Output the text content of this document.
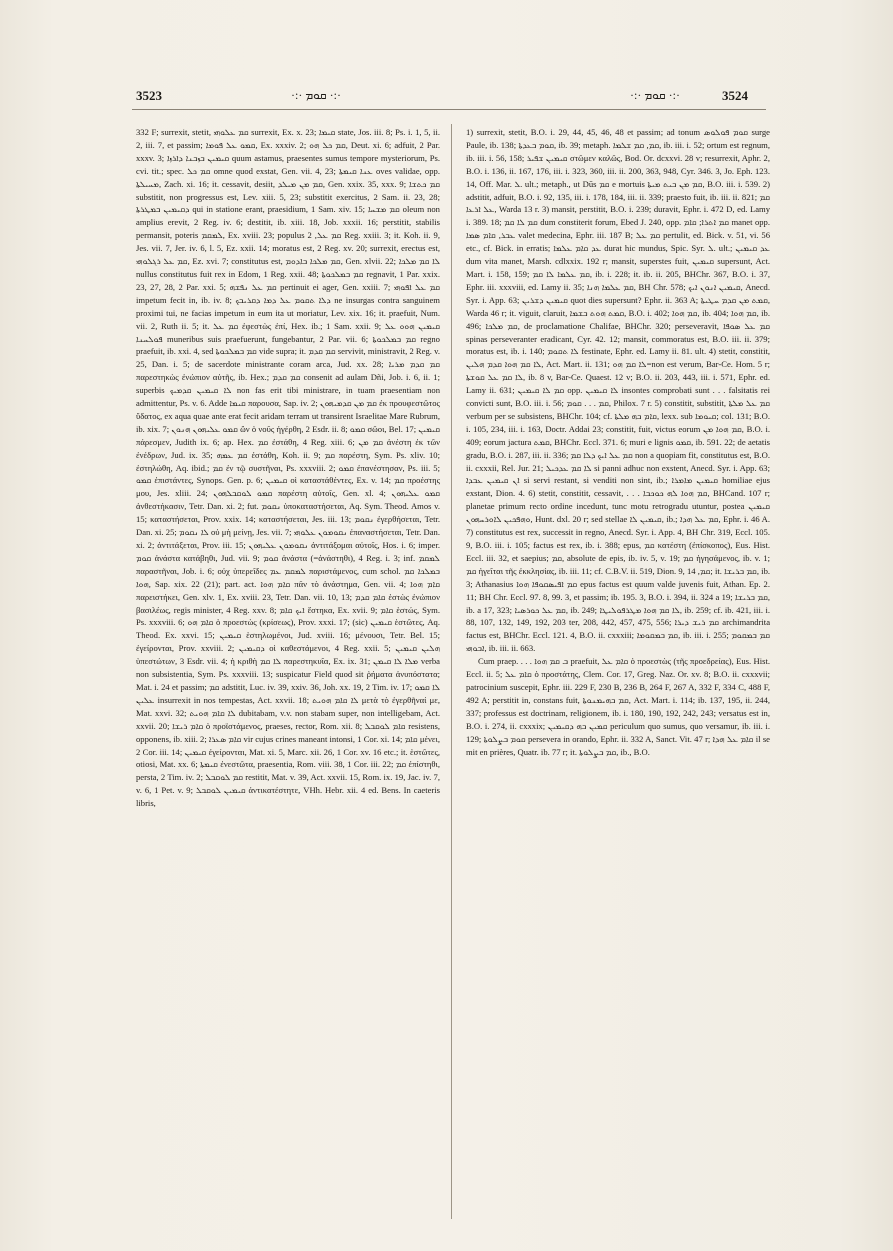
3523	·:· ܩܘܡ ·:·	·:· ܩܘܡ ·:·	3524

332 F; surrexit, stetit, ܩܡ ܥܠܘܗܝ surrexit, Ex. x. 23; ܩܝܡܐ state, Jos. iii. 8; Ps. i. 1, 5, ii. 2, iii. 7, et passim; ܩܡܘ ܥܠ ܦܘܡܐ, Ex. xxxiv. 2; ܩܡ ܟܠ ܗܘ, Deut. xi. 6; adfuit, 2 Par. xxxv. 3; ܩܝܡܝܢ ܒܙܒܢܐ ܕܐܪܙܐ quum astamus, praesentes sumus tempore mysteriorum, Ps. cvi. tit.; spec. ܩܡ ܟܠ omne quod exstat, Gen. vii. 4, 23; ܥܢܐ ܩܝܡܬܐ oves validae, opp. ܡܚܝܠܬܐ, Zach. xi. 16; it. cessavit, desiit, ܩܡ ܡܢ ܡܝܠܕ, Gen. xxix. 35, xxx. 9; ܩܡ ܟܬܫܐ substitit, non progressus est, Lev. xiii. 5, 23; substitit exercitus, 2 Sam. ii. 23, 28; ܕܩܝܡܝܢ ܒܡܛܪܬܐ qui in statione erant, praesidium, 1 Sam. xiv. 15; ܩܡ ܡܫܚܐ oleum non amplius erevit, 2 Reg. iv. 6; destitit, ib. xiii. 18, Job. xxxii. 16; perstitit, stabilis permansit, poteris ܠܡܩܡ, Ex. xviii. 23; populus ܩܡ ܥܠ, 2 Reg. xxiii. 3; it. Koh. ii. 9, Jes. vii. 7, Jer. iv. 6, l. 5, Ez. xxii. 14; moratus est, 2 Reg. xv. 20; surrexit, erectus est, ܩܡ ܥܠ ܪܓܠܘܗܝ, Ez. xvi. 7; constitutus est, ܩܡ ܡܠܟܐ ܒܐܕܘܡ, Gen. xlvii. 22; ܠܐ ܩܡ ܡܠܟܐ nullus constitutus fuit rex in Edom, 1 Reg. xxii. 48; ܩܡ ܒܡܠܟܘܬܐ regnavit, 1 Par. xxix. 23, 27, 28, 2 Par. xxi. 5; ܩܡ ܥܠ ܢܦܫܗ pertinuit ei ager, Gen. xxiii. 7; ܩܡ ܥܠ ܐܦܘܗܝ impetum fecit in, ib. iv. 8; ܕܠܐ ܬܩܘܡ ܥܠ ܕܡܐ ܕܩܪܝܒܟ ne insurgas contra sanguinem proximi tui, ne facias impetum in eum ita ut moriatur, Lev. xix. 16; it. praefuit, Num. vii. 2, Ruth ii. 5; it. ܩܡ ܥܠ ἐφεστὼς ἐπί, Hex. ib.; 1 Sam. xxii. 9; ܩܝܡܝܢ ܗܘܘ ܥܠ ܦܘܠܚܢܐ muneribus suis praefuerunt, fungebantur, 2 Par. vii. 6; ܩܡ ܒܡܠܟܘܬܐ regno praefuit, ib. xxi. 4, sed ܩܡ ܒܡܠܟܘܬܐ vide supra; it. ܩܡ ܩܕܡ servivit, ministravit, 2 Reg. v. 25, Dan. i. 5; de sacerdote ministrante coram arca, Jud. xx. 28; ܩܡ ܩܕܡ ܡܪܝܐ παρεστηκὼς ἐνώπιον αὐτῆς, ib. Hex.; ܩܡ ܩܕܡ consenit ad aulam Dñi, Job. i. 6, ii. 1; superbis ܠܐ ܩܝܡܝܢ ܩܕܡܝܟ non fas erit tibi ministrare, in tuam praesentiam non admittentur, Ps. v. 6. Adde ܩܝܡܐ παρουσα, Sap. iv. 2; ܩܡ ܡܢ ܩܕܡܝܗܘܢ ἐκ προυφεστῶτος ὕδατος, ex aqua quae ante erat fecit aridam terram ut transirent Israelitae Mare Rubrum, ib. xix. 7; ܩܡܘ ܥܠܝܗܘܢ ܗܢܘܢ ὢν ὁ νοῦς ἠγέρθη, 2 Esdr. ii. 8; ܩܡܘ σῶοι, Bel. 17; ܩܝܡܝܢ πάρεσμεν, Judith ix. 6; ap. Hex. ܩܡ ἐστάθη, 4 Reg. xiii. 6; ܩܡ ܡܢ ἀνέστη ἐκ τῶν ἐνέδρων, Jud. ix. 35; ܩܡ ܥܡܗ ἐστάθη, Koh. ii. 9; ܩܡ παρέστη, Sym. Ps. xliv. 10; ἐστηλώθη, Aq. ibid.; ܩܡ ἐν τῷ συστῆναι, Ps. xxxviii. 2; ܩܡܘ ἐπανέστησαν, Ps. iii. 5; ܩܡܘ ἐπιστάντες, Synops. Gen. p. 6; ܩܝܡܝܢ οἱ καταστάθέντες, Ex. v. 14; ܩܡ προέστης μου, Jes. xliii. 24; ܩܡܘ ܠܘܩܒܠܗܘܢ παρέστη αὐτοῖς, Gen. xl. 4; ܩܡܘ ܥܠܝܗܘܢ ἀνθεστήκασιν, Tetr. Dan. xi. 2; fut. ܢܩܘܡ ὑποκαταστήσεται, Aq. Sym. Theod. Amos v. 15; καταστήσεται, Prov. xxix. 14; καταστήσεται, Jes. iii. 13; ܢܩܘܡ ἐγερθήσεται, Tetr. Dan. xi. 25; ܠܐ ܢܩܘܡ οὐ μὴ μείνῃ, Jes. vii. 7; ܢܩܘܡܘܢ ܥܠܘܗܝ ἐπαναστήσεται, Tetr. Dan. xi. 2; ἀντιτάξεται, Prov. iii. 15; ܢܩܘܡܘܢ ܥܠܝܗܘܢ ἀντιτάξομαι αὐτοῖς, Hos. i. 6; imper. ܩܘܡ ἀνάστα κατάβηθι, Jud. vii. 9; ܩܘܡ ἀνάστα (=ἀνάστηθι), 4 Reg. i. 3; inf. ܠܡܩܡ παραστῆναι, Job. i. 6; οὐχ ὑπερεῖδες ܠܡܩܡ ܥܡ παριστάμενος, cum schol. ܒܡܠܟܐ ܩܡ ܗܘܐ, Sap. xix. 22 (21); part. act. ܩܐܡ ܗܘܐ πᾶν τὸ ἀνάστημα, Gen. vii. 4; ܩܐܡ ܗܘܐ παρειστήκει, Gen. xlv. 1, Ex. xviii. 23, Tetr. Dan. vii. 10, 13; ܩܐܡ ܩܕܡ ἑστὼς ἐνώπιον βασιλέως, regis minister, 4 Reg. xxv. 8; ܐܝܟ ܩܐܡ ἕστηκα, Ex. xvii. 9; ܩܐܡ ἑστώς, Sym. Ps. xxxviii. 6; ܩܐܡ ܗܘ ὁ προεστὼς (κρίσεως), Prov. xxxi. 17; (sic) ܩܝܡܝܢ ἑστῶτες, Aq. Theod. Ex. xxvi. 15; ܩܝܡܝܢ ἑστηλωμένοι, Jud. xviii. 16; μένουσι, Tetr. Bel. 15; ἐγείρονται, Prov. xxviii. 2; ܕܩܝܡܝܢ οἱ καθεστάμενοι, 4 Reg. xxii. 5; ܗܠܝܢ ܩܝܡܝܢ ὑπεστώτων, 3 Esdr. vii. 4; ἡ κριθὴ ܠܐ ܩܡ παρεστηκυῖα, Ex. ix. 31; ܡܠܐ ܠܐ ܩܝܡܢ verba non subsistentia, Sym. Ps. xxxviii. 13; suspicatur Field quod sit ῥήματα ἀνυπόστατα; Mat. i. 24 et passim; ܩܡ adstitit, Luc. iv. 39, xxiv. 36, Joh. xx. 19, 2 Tim. iv. 17; ܠܐ ܩܡܘ ܥܠܝܢ insurrexit in nos tempestas, Act. xxvii. 18; ܠܐ ܩܐܡ ܗܘܝܬ μετὰ τὸ ἐγερθῆναί με, Mat. xxvi. 32; ܠܐ ܩܐܡ ܗܘܝܬ dubitabam, v.v. non stabam super, non intelligebam, Act. xxvii. 20; ܩܐܡ ܪܝܫܐ ὁ προϊστάμενος, praeses, rector, Rom. xii. 8; ܩܐܡ ܠܘܩܒܠ resistens, opponens, ib. xiii. 2; ܩܐܡ ܣܥܪܐ vir cujus crines maneant intonsi, 1 Cor. xi. 14; ܩܐܡ μένει, 2 Cor. iii. 14; ܩܝܡܝܢ ἐγείρονται, Mat. xi. 5, Marc. xii. 26, 1 Cor. xv. 16 etc.; it. ἑστῶτες, otiosi, Mat. xx. 6; ܩܝܡܬܐ ἐνεστῶτα, praesentia, Rom. viii. 38, 1 Cor. iii. 22; ܩܡ ἐπίστηθι, persta, 2 Tim. iv. 2; ܩܡ ܠܘܩܒܠ restitit, Mat. v. 39, Act. xxvii. 15, Rom. ix. 19, Jac. iv. 7, v. 6, 1 Pet. v. 9; ܩܝܡܝܢ ܠܘܩܒܠ ἀντικατέστητε, VHh. Hebr. xii. 4 ed. Bens. In caeteris libris,

1) surrexit, stetit, B.O. i. 29, 44, 45, 46, 48 et passim; ad tonum ܩܘܡ ܦܘܠܘܣ surge Paule, ib. 138; ܩܘܡ ܒܥܕܬܐ, ib. 39; metaph. ܩܡ, ܩܡ ܫܠܡܐ, ib. iii. i. 52; ortum est regnum, ib. iii. i. 56, 158; ܩܝܡܝܢ ܫܦܝܪ στῶμεν καλῶς, Bod. Or. dcxxvi. 28 v; resurrexit, Aphr. 2, B.O. i. 136, ii. 167, 176, iii. i. 323, 360, iii. ii. 200, 363, 948, Cyr. 346. 3, Jo. Eph. 123. 14, Off. Mar. ܠ. ult.; metaph., ut Dūs ܩܡ e mortuis ܩܡ ܡܢ ܒܝܬ ܡܝܬܐ, B.O. iii. i. 539. 2) adstitit, adfuit, B.O. i. 92, 135, iii. i. 178, 184, iii. ii. 339; praesto fuit, ib. iii. ii. 821; ܩܡ ܥܠ ܐܪܥܐ, Warda 13 r. 3) mansit, perstitit, B.O. i. 239; duravit, Ephr. i. 472 D, ed. Lamy i. 389. 18; ܩܡ ܠܐ ܩܡ dum constiterit forum, Ebed J. 240, opp. ܩܡ ܐܬܪܐ; ܩܐܡ manet opp. ܥܒܪ, ܩܐܡ ܣܡܐ valet medecina, Ephr. iii. 187 B; ܩܡ ܥܠ pertulit, ed. Bick. v. 51, vi. 56 etc., cf. Bick. in erratis; ܥܕ ܩܐܡ ܥܠܡܐ durat hic mundus, Spic. Syr. ܠ. ult.; ܥܕ ܩܝܡܝܢ dum vita manet, Marsh. cdlxxix. 192 r; mansit, superstes fuit, ܩܝܡܝܢ supersunt, Act. Mart. i. 158, 159; ܩܡ ܥܠܡܐ ܠܐ ܩܡ, ib. i. 228; it. ib. ii. 205, BHChr. 367, B.O. i. 37, Ephr. iii. xxxviii, ed. Lamy ii. 35; ܩܡ ܥܠܡܐ ܗܢܐ, BH Chr. 578; ܩܝܡܝܢ ܐܢܘܢ ܐܝܟ, Anecd. Syr. i. App. 63; ܩܝܡܝܢ ܕܫܪܝܢ quot dies supersunt? Ephr. ii. 363 A; ܩܡܬ ܡܢ ܩܕܡ ܚܛܝܬܐ, Warda 46 r; it. viguit, claruit, ܩܡܬ ܗܘܬ ܒܫܡܐ, B.O. i. 402; ܩܡ ܗܘܐ, ib. 404; ܩܡ ܗܘܐ, ib. 496; ܩܡ ܡܠܟܐ, de proclamatione Chalifae, BHChr. 320; perseveravit, ܩܡ ܥܠ ܣܘܦܐ spinas perseveranter eradicant, Cyr. 42. 12; mansit, commoratus est, B.O. iii. ii. 379; moratus est, ib. i. 140; ܠܐ ܬܩܘܡ festinate, Ephr. ed. Lamy ii. 81. ult. 4) stetit, constitit, ܠܐ ܩܡ ܗܘܐ ܩܕܡ ܗܠܝܢ, Act. Mart. ii. 131; ܠܐ ܩܡ ܗܘ=non est verum, Bar-Ce. Hom. 5 r; ܠܐ ܩܡ ܥܠ ܩܘܫܬܐ, ib. 8 v, Bar-Ce. Quaest. 12 v; B.O. ii. 203, 443, iii. i. 571, Ephr. ed. Lamy ii. 631; ܩܡ ܠܐ ܩܝܡܝܢ opp. ܠܐ ܩܝܡܝܢ insontes comprobati sunt . . . falsitatis rei convicti sunt, B.O. iii. i. 56; ܩܡ . . . ܩܘܡ, Philox. 7 r. 5) constitit, substitit, ܩܡ ܥܠ ܡܠܬܐ verbum per se subsistens, BHChr. 104; cf. ܩܐܡ ܒܗ ܡܠܬܐ, lexx. sub ܩܝܘܡܐ; col. 131; B.O. i. 105, 234, iii. i. 163, Doctr. Addai 23; constitit, fuit, victus eorum ܩܡ ܗܘܐ ܡܢ, B.O. i. 409; eorum jactura ܩܡܬ, BHChr. Eccl. 371. 6; muri e lignis ܩܡܘ, ib. 591. 22; de aetatis gradu, B.O. i. 287, iii. ii. 336; ܩܡ ܥܠ ܐܝܟ ܕܠܐ ܩܡ non a quopiam fit, constitutus est, B.O. ii. cxxxii, Rel. Jur. 21; ܠܐ ܩܡ ܥܕܟܝܠ si panni adhuc non exstent, Anecd. Syr. i. App. 63; ܐܢ ܩܝܡܝܢ ܥܒܕܐ si servi restant, si venditi non sint, ib.; ܩܝܡܝܢ ܡܐܡܪܐ homiliae ejus exstant, Dion. 4. 6) stetit, constitit, cessavit, . . . ܩܡ ܗܘܐ ܠܗ ܟܘܟܒܐ, BHCand. 107 r; planetae primum recto ordine incedunt, tunc motu retrogradu utuntur, postea ܩܝܡܝܢ ܘܗܦܟܝܢ ܠܐܘܪܚܗܘܢ, Hunt. dxl. 20 r; sed stellae ܩܝܡܝܢ ܠܐ, ib.; ܩܡ ܥܠ ܗܕܐ, Ephr. i. 46 A. 7) constitutus est rex, successit in regno, Anecd. Syr. i. App. 4, BH Chr. 319, Eccl. 105. 9, B.O. iii. i. 105; factus est rex, ib. i. 388; epus, ܩܡ κατέστη (ἐπίσκοπος), Eus. Hist. Eccl. iii. 32, et saepius; ܩܡ, absolute de epis, ib. iv. 5, v. 19; ܩܡ ἡγησάμενος, ib. v. 1; ܩܡ ἡγεῖται τῆς ἐκκλησίας, ib. iii. 11; cf. C.B.V. ii. 519, Dion. 9, ܩܡ, 14; it. ܩܡ ܒܪܝܫܐ, ib. 3; Athanasius ܩܡ ܐܦܝܣܩܘܦܐ ܗܘܐ epus factus est quum valde juvenis fuit, Athan. Ep. 2. 11; BH Chr. Eccl. 97. 8, 99. 3, et passim; ib. 195. 3, B.O. i. 394, ii. 324 a 19; ܩܡ ܒܪܝܫܐ, ib. a 17, 323; ܩܡ ܥܠ ܟܘܪܣܝܐ, ib. 249; ܠܐ ܩܡ ܗܘܐ ܡܛܪܦܘܠܝܛܐ, ib. 259; cf. ib. 421, iii. i. 88, 107, 132, 149, 192, 203 ter, 208, 442, 457, 475, 556; ܩܡ ܪܝܫ ܕܝܪܐ archimandrita factus est, BHChr. Eccl. 121. 4, B.O. ii. cxxxiii; ܩܡ ܒܡܩܘܡܐ, ib. iii. i. 255; ܩܡ ܒܡܩܘܡ ܐܒܘܗܝ, ib. iii. ii. 663.

Cum praep. . . . ܒ ܩܡ ܗܘܐ praefuit, ܩܐܡ ܥܠ ὁ προεστὼς (τῆς προεδρείας), Eus. Hist. Eccl. ii. 5; ܩܐܡ ܥܠ ὁ προστάτης, Clem. Cor. 17, Greg. Naz. Or. xv. 8; B.O. ii. cxxxvii; patrocinium suscepit, Ephr. iii. 229 F, 230 B, 236 B, 264 F, 267 A, 332 F, 334 C, 488 F, 492 A; perstitit in, constans fuit, ܩܡ ܒܗܝܡܢܘܬܐ, Act. Mart. i. 114; ib. 137, 195, ii. 244, 337; professus est doctrinam, religionem, ib. i. 180, 190, 192, 242, 243; versatus est in, B.O. i. 274, ii. cxxxix; ܩܡܝܢ ܒܗ ܕܩܝܡܝܢ periculum quo sumus, quo versamur, ib. iii. i. 129; ܩܘܡ ܒܨܠܘܬܐ persevera in orando, Ephr. ii. 332 A, Sanct. Vit. 47 r; ܩܐܡ ܥܠ ܗܕܐ il se mit en prières, Quatr. ib. 77 r; it. ܩܡ ܒܨܠܘܬܐ, ib., B.O.
